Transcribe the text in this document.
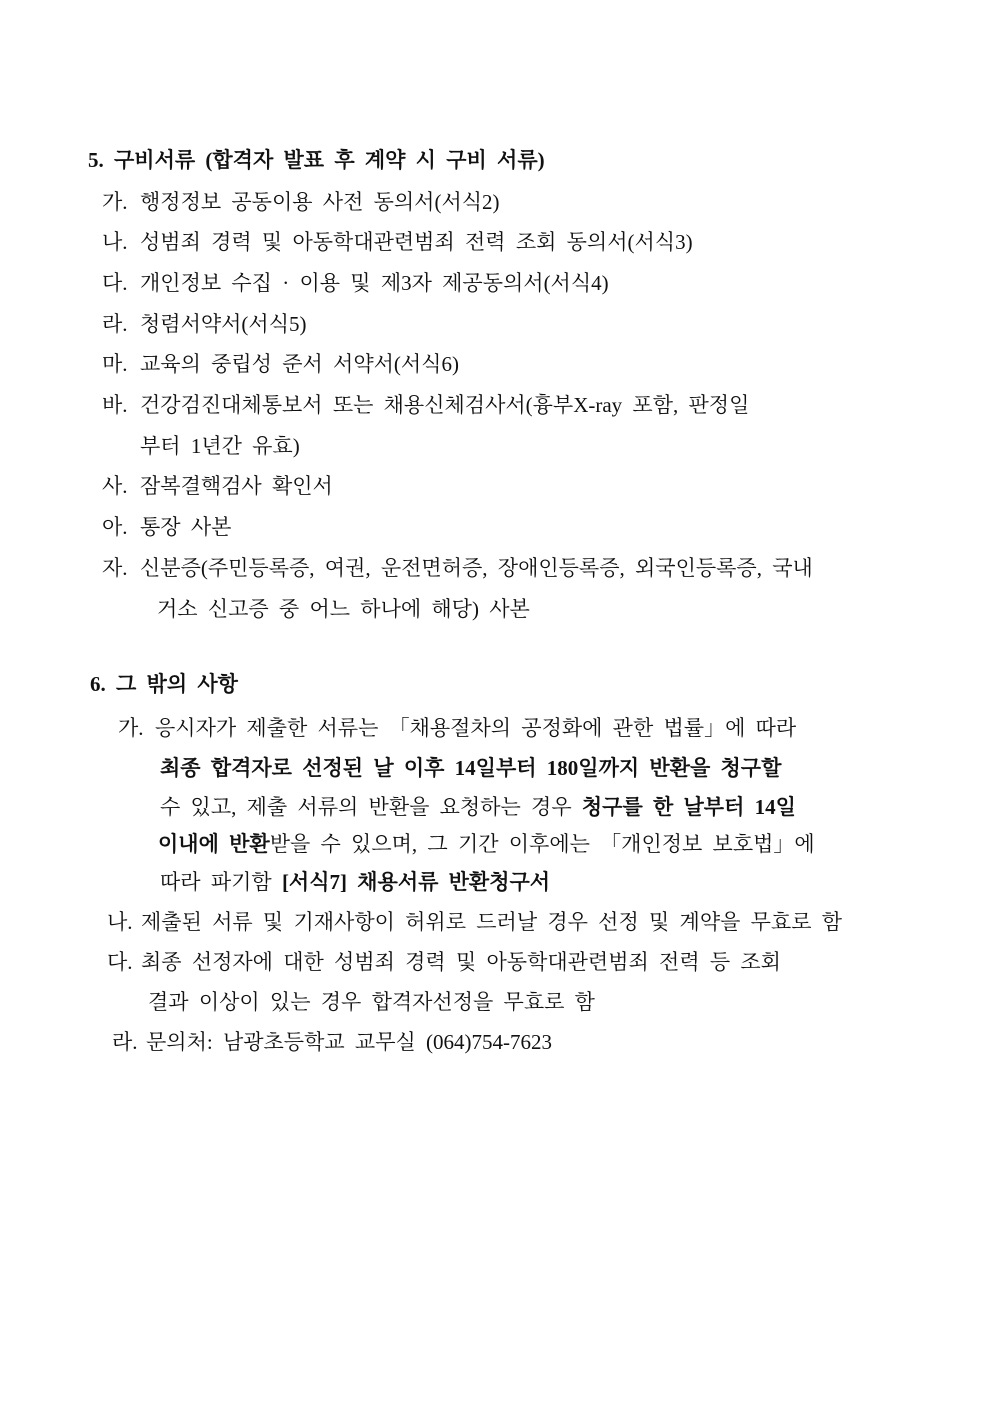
5. 구비서류 (합격자 발표 후 계약 시 구비 서류)
가. 행정정보 공동이용 사전 동의서(서식2)
나. 성범죄 경력 및 아동학대관련범죄 전력 조회 동의서(서식3)
다. 개인정보 수집 · 이용 및 제3자 제공동의서(서식4)
라. 청렴서약서(서식5)
마. 교육의 중립성 준서 서약서(서식6)
바. 건강검진대체통보서 또는 채용신체검사서(흉부X-ray 포함, 판정일
부터 1년간 유효)
사. 잠복결핵검사 확인서
아. 통장 사본
자. 신분증(주민등록증, 여권, 운전면허증, 장애인등록증, 외국인등록증, 국내
거소 신고증 중 어느 하나에 해당) 사본
6. 그 밖의 사항
가. 응시자가 제출한 서류는 「채용절차의 공정화에 관한 법률」에 따라
최종 합격자로 선정된 날 이후 14일부터 180일까지 반환을 청구할
수 있고, 제출 서류의 반환을 요청하는 경우 청구를 한 날부터 14일
이내에 반환받을 수 있으며, 그 기간 이후에는 「개인정보 보호법」에
따라 파기함 [서식7] 채용서류 반환청구서
나. 제출된 서류 및 기재사항이 허위로 드러날 경우 선정 및 계약을 무효로 함
다. 최종 선정자에 대한 성범죄 경력 및 아동학대관련범죄 전력 등 조회
결과 이상이 있는 경우 합격자선정을 무효로 함
라. 문의처: 남광초등학교 교무실 (064)754-7623
